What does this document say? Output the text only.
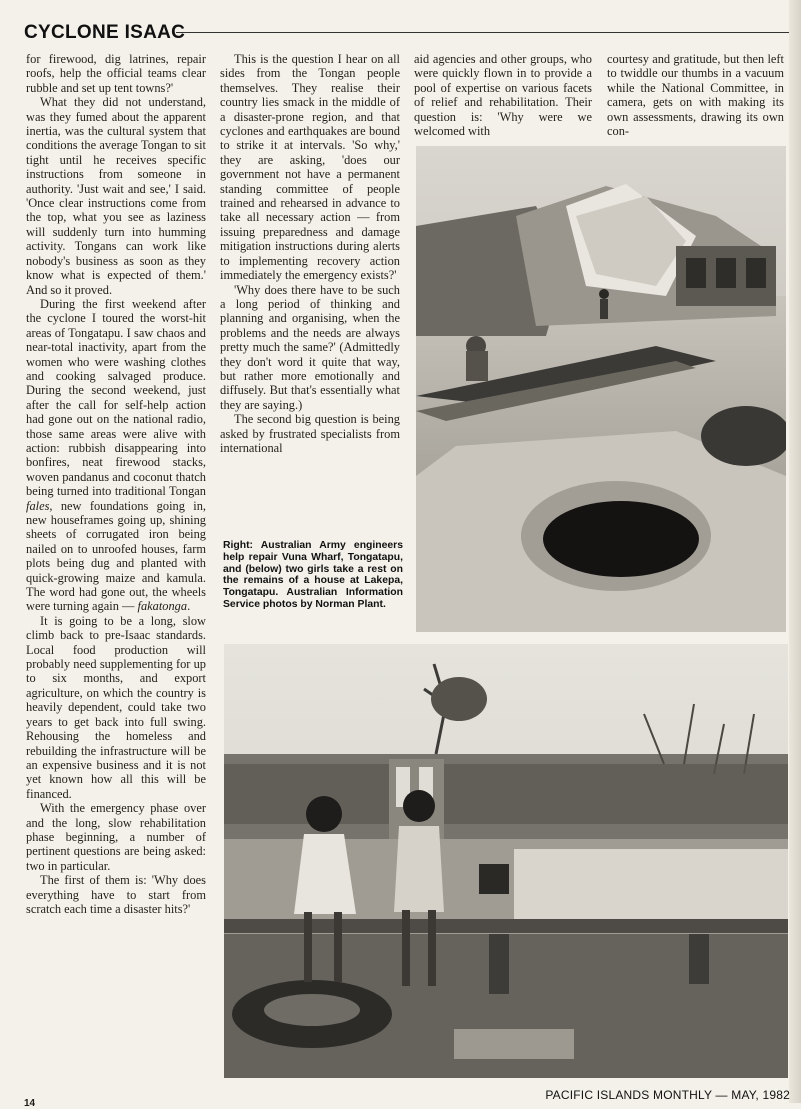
CYCLONE ISAAC

for firewood, dig latrines, repair roofs, help the official teams clear rubble and set up tent towns?'

What they did not understand, was they fumed about the apparent inertia, was the cultural system that conditions the average Tongan to sit tight until he receives specific instructions from someone in authority. 'Just wait and see,' I said. 'Once clear instructions come from the top, what you see as laziness will suddenly turn into humming activity. Tongans can work like nobody's business as soon as they know what is expected of them.' And so it proved.

During the first weekend after the cyclone I toured the worst-hit areas of Tongatapu. I saw chaos and near-total inactivity, apart from the women who were washing clothes and cooking salvaged produce. During the second weekend, just after the call for self-help action had gone out on the national radio, those same areas were alive with action: rubbish disappearing into bonfires, neat firewood stacks, woven pandanus and coconut thatch being turned into traditional Tongan fales, new foundations going in, new houseframes going up, shining sheets of corrugated iron being nailed on to unroofed houses, farm plots being dug and planted with quick-growing maize and kamula. The word had gone out, the wheels were turning again — fakatonga.

It is going to be a long, slow climb back to pre-Isaac standards. Local food production will probably need supplementing for up to six months, and export agriculture, on which the country is heavily dependent, could take two years to get back into full swing. Rehousing the homeless and rebuilding the infrastructure will be an expensive business and it is not yet known how all this will be financed.

With the emergency phase over and the long, slow rehabilitation phase beginning, a number of pertinent questions are being asked: two in particular.

The first of them is: 'Why does everything have to start from scratch each time a disaster hits?'

This is the question I hear on all sides from the Tongan people themselves. They realise their country lies smack in the middle of a disaster-prone region, and that cyclones and earthquakes are bound to strike it at intervals. 'So why,' they are asking, 'does our government not have a permanent standing committee of people trained and rehearsed in advance to take all necessary action — from issuing preparedness and damage mitigation instructions during alerts to implementing recovery action immediately the emergency exists?'

'Why does there have to be such a long period of thinking and planning and organising, when the problems and the needs are always pretty much the same?' (Admittedly they don't word it quite that way, but rather more emotionally and diffusely. But that's essentially what they are saying.)

The second big question is being asked by frustrated specialists from international

aid agencies and other groups, who were quickly flown in to provide a pool of expertise on various facets of relief and rehabilitation. Their question is: 'Why were we welcomed with

courtesy and gratitude, but then left to twiddle our thumbs in a vacuum while the National Committee, in camera, gets on with making its own assessments, drawing its own con-

Right: Australian Army engineers help repair Vuna Wharf, Tongatapu, and (below) two girls take a rest on the remains of a house at Lakepa, Tongatapu. Australian Information Service photos by Norman Plant.
PACIFIC ISLANDS MONTHLY — MAY, 1982
14
